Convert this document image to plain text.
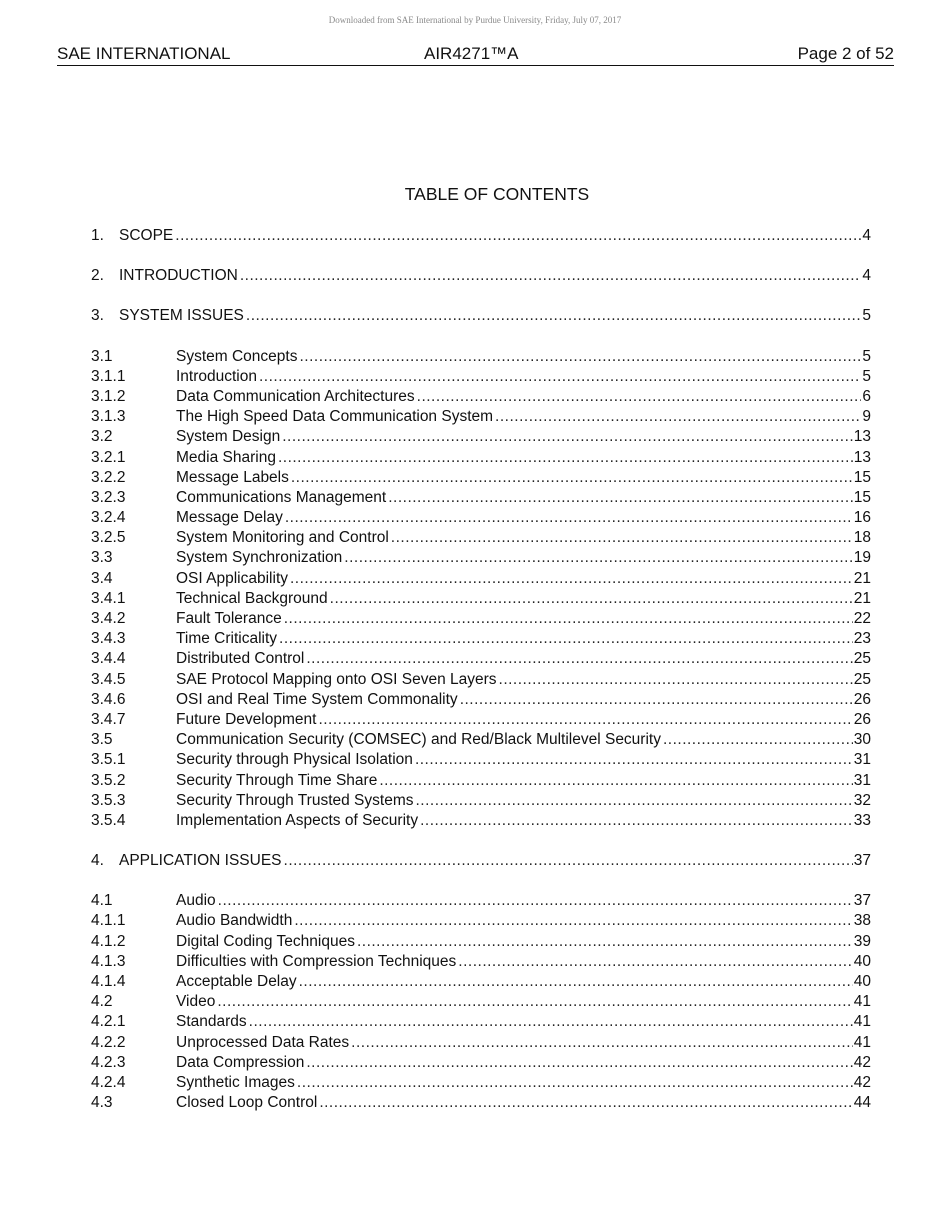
Downloaded from SAE International by Purdue University, Friday, July 07, 2017
SAE INTERNATIONAL	AIR4271™A	Page 2 of 52
TABLE OF CONTENTS
1. SCOPE .....	4
2. INTRODUCTION .....	4
3. SYSTEM ISSUES .....	5
3.1	System Concepts .....	5
3.1.1	Introduction .....	5
3.1.2	Data Communication Architectures .....	6
3.1.3	The High Speed Data Communication System .....	9
3.2	System Design .....	13
3.2.1	Media Sharing .....	13
3.2.2	Message Labels .....	15
3.2.3	Communications Management .....	15
3.2.4	Message Delay .....	16
3.2.5	System Monitoring and Control .....	18
3.3	System Synchronization .....	19
3.4	OSI Applicability .....	21
3.4.1	Technical Background .....	21
3.4.2	Fault Tolerance .....	22
3.4.3	Time Criticality .....	23
3.4.4	Distributed Control .....	25
3.4.5	SAE Protocol Mapping onto OSI Seven Layers .....	25
3.4.6	OSI and Real Time System Commonality .....	26
3.4.7	Future Development .....	26
3.5	Communication Security (COMSEC) and Red/Black Multilevel Security .....	30
3.5.1	Security through Physical Isolation .....	31
3.5.2	Security Through Time Share .....	31
3.5.3	Security Through Trusted Systems .....	32
3.5.4	Implementation Aspects of Security .....	33
4. APPLICATION ISSUES .....	37
4.1	Audio .....	37
4.1.1	Audio Bandwidth .....	38
4.1.2	Digital Coding Techniques .....	39
4.1.3	Difficulties with Compression Techniques .....	40
4.1.4	Acceptable Delay .....	40
4.2	Video .....	41
4.2.1	Standards .....	41
4.2.2	Unprocessed Data Rates .....	41
4.2.3	Data Compression .....	42
4.2.4	Synthetic Images .....	42
4.3	Closed Loop Control .....	44
